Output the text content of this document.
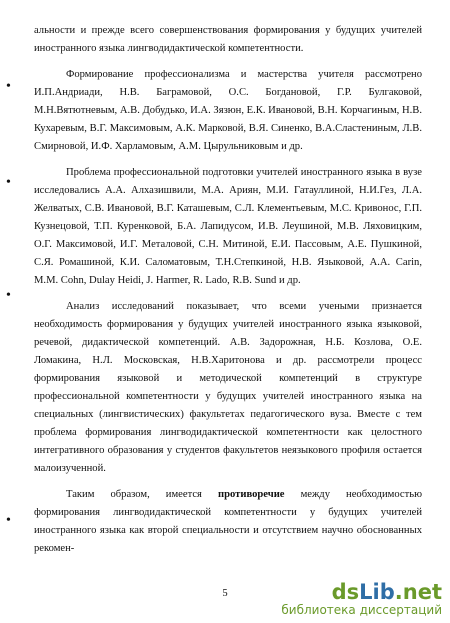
•
•
•
•

альности и прежде всего совершенствования формирования у будущих учителей иностранного языка лингводидактической компетентности.

Формирование профессионализма и мастерства учителя рассмотрено И.П.Андриади, Н.В. Баграмовой, О.С. Богдановой, Г.Р. Булгаковой, М.Н.Вятютневым, А.В. Добудько, И.А. Зязюн, Е.К. Ивановой, В.Н. Корчагиным, Н.В. Кухаревым, В.Г. Максимовым, А.К. Марковой, В.Я. Синенко, В.А.Сластениным, Л.В. Смирновой, И.Ф. Харламовым, А.М. Цырульниковым и др.

Проблема профессиональной подготовки учителей иностранного языка в вузе исследовались А.А. Алхазишвили, М.А. Ариян, М.И. Гатауллиной, Н.И.Гез, Л.А. Желватых, С.В. Ивановой, В.Г. Каташевым, С.Л. Клементьевым, М.С. Кривонос, Г.П. Кузнецовой, Т.П. Куренковой, Б.А. Лапидусом, И.В. Леушиной, М.В. Ляховицким, О.Г. Максимовой, И.Г. Металовой, С.Н. Митиной, Е.И. Пассовым, А.Е. Пушкиной, С.Я. Ромашиной, К.И. Саломатовым, Т.Н.Степкиной, Н.В. Языковой, А.А. Carin, M.M. Cohn, Dulay Heidi, J. Harmer, R. Lado, R.B. Sund и др.

Анализ исследований показывает, что всеми учеными признается необходимость формирования у будущих учителей иностранного языка языковой, речевой, дидактической компетенций. А.В. Задорожная, Н.Б. Козлова, О.Е. Ломакина, Н.Л. Московская, Н.В.Харитонова и др. рассмотрели процесс формирования языковой и методической компетенций в структуре профессиональной компетентности у будущих учителей иностранного языка на специальных (лингвистических) факультетах педагогического вуза. Вместе с тем проблема формирования лингводидактической компетентности как целостного интегративного образования у студентов факультетов неязыкового профиля остается малоизученной.

Таким образом, имеется противоречие между необходимостью формирования лингводидактической компетентности у будущих учителей иностранного языка как второй специальности и отсутствием научно обоснованных рекомен-

5	dsLib.net
библиотека диссертаций
